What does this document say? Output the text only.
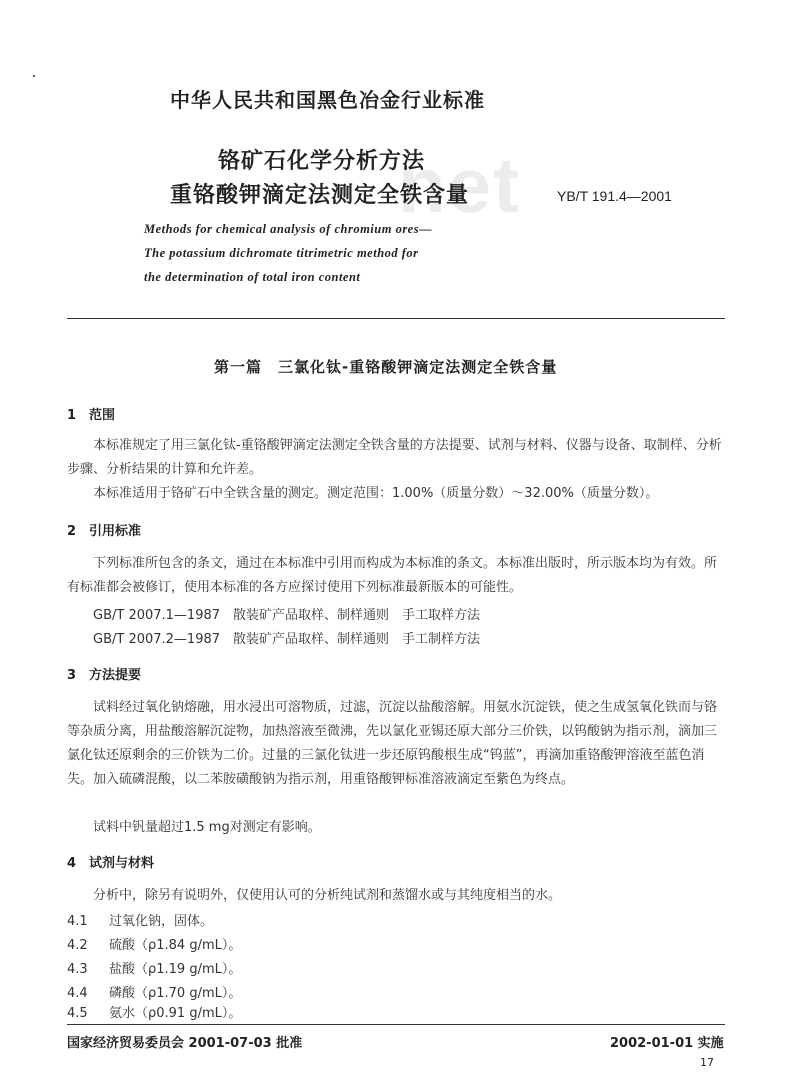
net
中华人民共和国黑色冶金行业标准
铬矿石化学分析方法
重铬酸钾滴定法测定全铁含量	YB/T 191.4—2001
Methods for chemical analysis of chromium ores—
The potassium dichromate titrimetric method for
the determination of total iron content
第一篇　三氯化钛-重铬酸钾滴定法测定全铁含量
1　范围
本标准规定了用三氯化钛-重铬酸钾滴定法测定全铁含量的方法提要、试剂与材料、仪器与设备、取制样、分析步骤、分析结果的计算和允许差。
本标准适用于铬矿石中全铁含量的测定。测定范围：1.00%（质量分数）～32.00%（质量分数）。
2　引用标准
下列标准所包含的条文，通过在本标准中引用而构成为本标准的条文。本标准出版时，所示版本均为有效。所有标准都会被修订，使用本标准的各方应探讨使用下列标准最新版本的可能性。
GB/T 2007.1—1987　散装矿产品取样、制样通则　手工取样方法
GB/T 2007.2—1987　散装矿产品取样、制样通则　手工制样方法
3　方法提要
试料经过氧化钠熔融，用水浸出可溶物质，过滤，沉淀以盐酸溶解。用氨水沉淀铁，使之生成氢氧化铁而与铬等杂质分离，用盐酸溶解沉淀物，加热溶液至微沸，先以氯化亚锡还原大部分三价铁，以钨酸钠为指示剂，滴加三氯化钛还原剩余的三价铁为二价。过量的三氯化钛进一步还原钨酸根生成“钨蓝”，再滴加重铬酸钾溶液至蓝色消失。加入硫磷混酸，以二苯胺磺酸钠为指示剂，用重铬酸钾标准溶液滴定至紫色为终点。
试料中钒量超过1.5 mg对测定有影响。
4　试剂与材料
分析中，除另有说明外，仅使用认可的分析纯试剂和蒸馏水或与其纯度相当的水。
4.1 过氧化钠，固体。
4.2 硫酸（ρ1.84 g/mL）。
4.3 盐酸（ρ1.19 g/mL）。
4.4 磷酸（ρ1.70 g/mL）。
4.5 氨水（ρ0.91 g/mL）。
国家经济贸易委员会 2001-07-03 批准	2002-01-01 实施
17
